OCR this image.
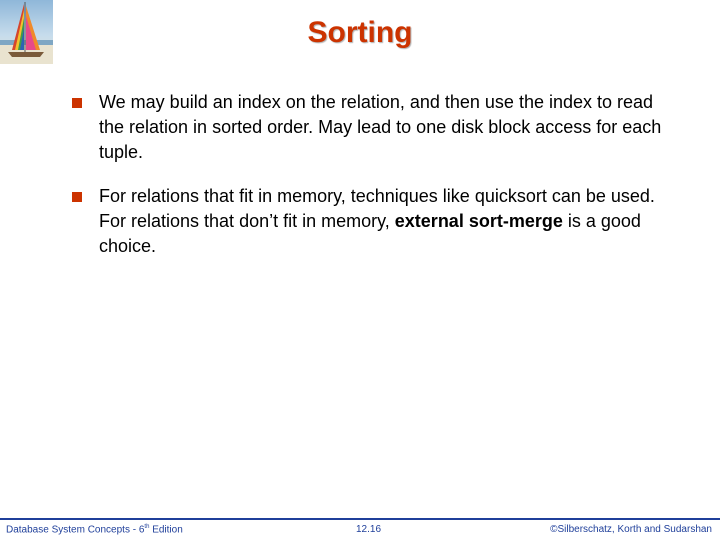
Sorting
We may build an index on the relation, and then use the index to read the relation in sorted order. May lead to one disk block access for each tuple.
For relations that fit in memory, techniques like quicksort can be used. For relations that don’t fit in memory, external sort-merge is a good choice.
Database System Concepts - 6th Edition	12.16	©Silberschatz, Korth and Sudarshan
